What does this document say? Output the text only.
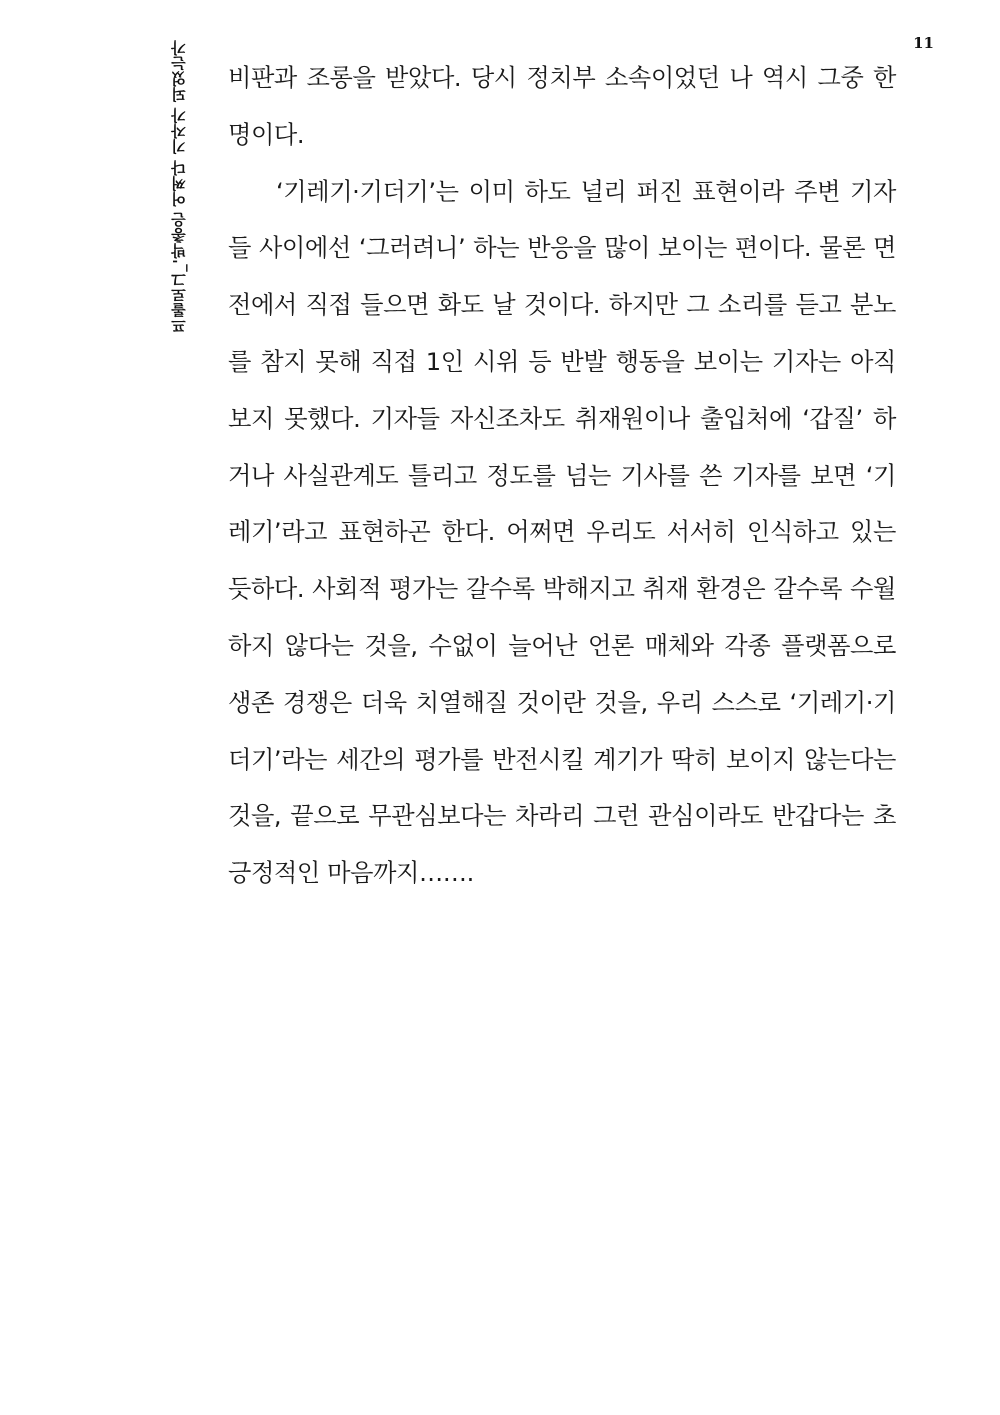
11
프롤로그_'박총은 어쩌다 기자가 되었는가 비판과 조롱을 받았다. 당시 정치부 소속이었던 나 역시 그중 한명이다.

‘기레기·기더기’는 이미 하도 널리 퍼진 표현이라 주변 기자들 사이에선 ‘그러려니’ 하는 반응을 많이 보이는 편이다. 물론 면전에서 직접 들으면 화도 날 것이다. 하지만 그 소리를 듣고 분노를 참지 못해 직접 1인 시위 등 반발 행동을 보이는 기자는 아직 보지 못했다. 기자들 자신조차도 취재원이나 출입처에 ‘갑질’ 하거나 사실관계도 틀리고 정도를 넘는 기사를 쓴 기자를 보면 ‘기레기’라고 표현하곤 한다. 어쩌면 우리도 서서히 인식하고 있는 듯하다. 사회적 평가는 갈수록 박해지고 취재 환경은 갈수록 수월하지 않다는 것을, 수없이 늘어난 언론 매체와 각종 플랫폼으로 생존 경쟁은 더욱 치열해질 것이란 것을, 우리 스스로 ‘기레기·기더기’라는 세간의 평가를 반전시킬 계기가 딱히 보이지 않는다는 것을, 끝으로 무관심보다는 차라리 그런 관심이라도 반갑다는 초긍정적인 마음까지…….
